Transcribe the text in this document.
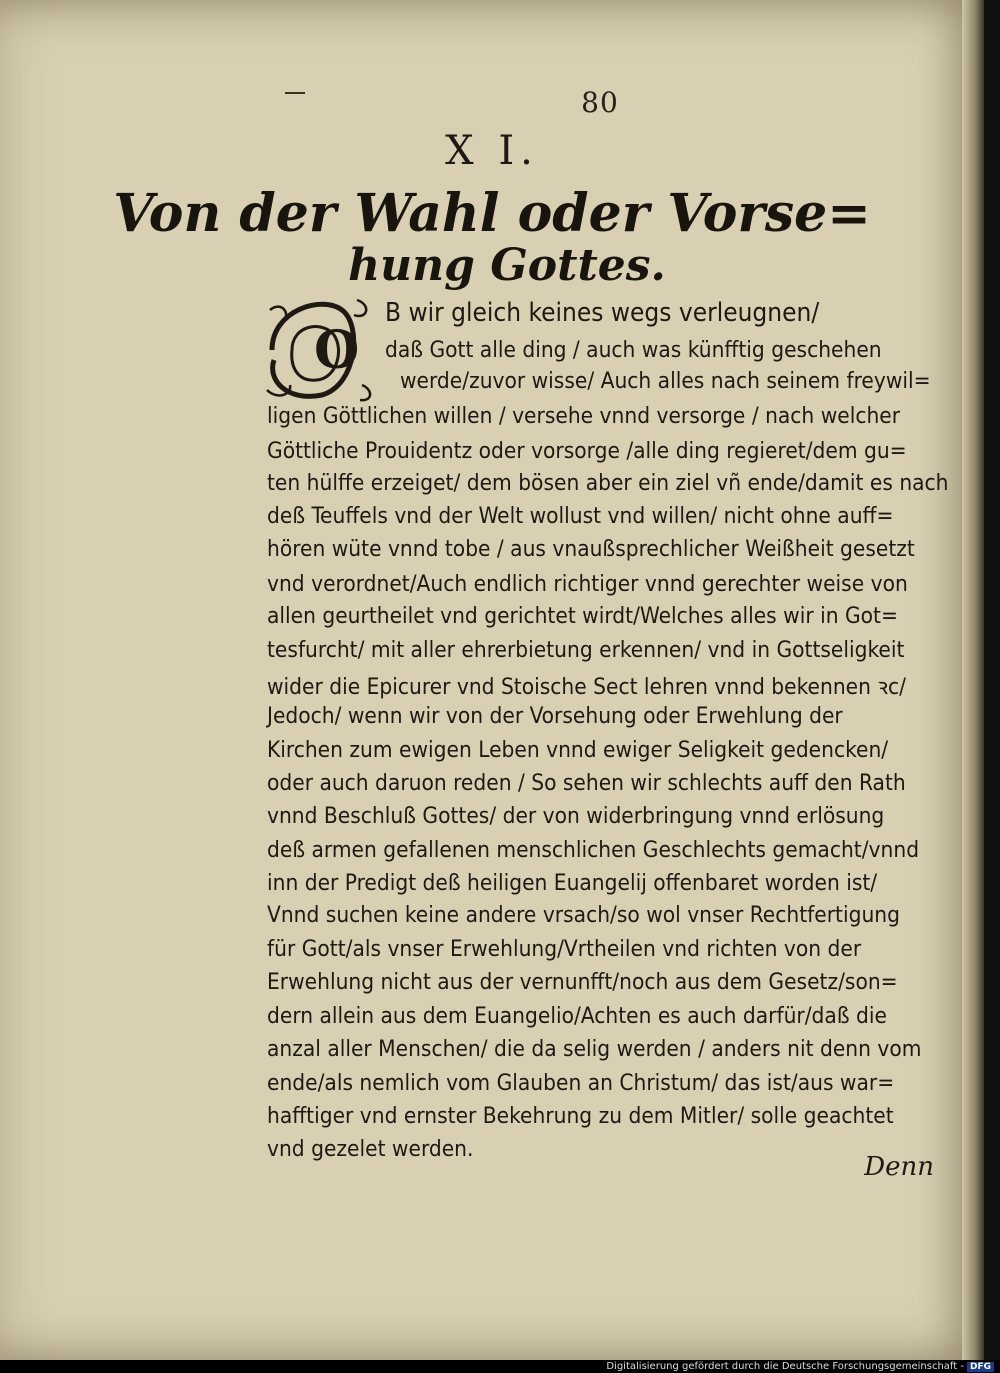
80
X I.
Von der Wahl oder Vorse=
hung Gottes.
O
B wir gleich keines wegs verleugnen/
daß Gott alle ding / auch was künfftig geschehen
werde/zuvor wisse/ Auch alles nach seinem freywil=
ligen Göttlichen willen / versehe vnnd versorge / nach welcher
Göttliche Prouidentz oder vorsorge /alle ding regieret/dem gu=
ten hülffe erzeiget/ dem bösen aber ein ziel vñ ende/damit es nach
deß Teuffels vnd der Welt wollust vnd willen/ nicht ohne auff=
hören wüte vnnd tobe / aus vnaußsprechlicher Weißheit gesetzt
vnd verordnet/Auch endlich richtiger vnnd gerechter weise von
allen geurtheilet vnd gerichtet wirdt/Welches alles wir in Got=
tesfurcht/ mit aller ehrerbietung erkennen/ vnd in Gottseligkeit
wider die Epicurer vnd Stoische Sect lehren vnnd bekennen ꝛc/
Jedoch/ wenn wir von der Vorsehung oder Erwehlung der
Kirchen zum ewigen Leben vnnd ewiger Seligkeit gedencken/
oder auch daruon reden / So sehen wir schlechts auff den Rath
vnnd Beschluß Gottes/ der von widerbringung vnnd erlösung
deß armen gefallenen menschlichen Geschlechts gemacht/vnnd
inn der Predigt deß heiligen Euangelij offenbaret worden ist/
Vnnd suchen keine andere vrsach/so wol vnser Rechtfertigung
für Gott/als vnser Erwehlung/Vrtheilen vnd richten von der
Erwehlung nicht aus der vernunfft/noch aus dem Gesetz/son=
dern allein aus dem Euangelio/Achten es auch darfür/daß die
anzal aller Menschen/ die da selig werden / anders nit denn vom
ende/als nemlich vom Glauben an Christum/ das ist/aus war=
hafftiger vnd ernster Bekehrung zu dem Mitler/ solle geachtet
vnd gezelet werden.
Denn
Digitalisierung gefördert durch die Deutsche Forschungsgemeinschaft - DFG
